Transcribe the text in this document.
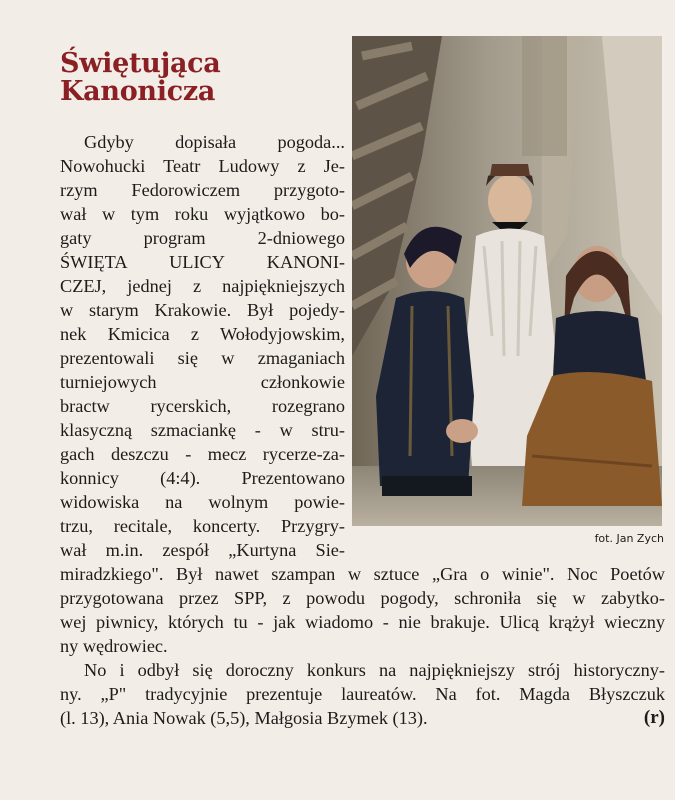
Świętująca
Kanonicza
fot. Jan Zych
Gdyby dopisała pogoda...
Nowohucki Teatr Ludowy z Je-
rzym Fedorowiczem przygoto-
wał w tym roku wyjątkowo bo-
gaty program 2-dniowego
ŚWIĘTA ULICY KANONI-
CZEJ, jednej z najpiękniejszych
w starym Krakowie. Był pojedy-
nek Kmicica z Wołodyjowskim,
prezentowali się w zmaganiach
turniejowych członkowie
bractw rycerskich, rozegrano
klasyczną szmaciankę - w stru-
gach deszczu - mecz rycerze-za-
konnicy (4:4). Prezentowano
widowiska na wolnym powie-
trzu, recitale, koncerty. Przygry-
wał m.in. zespół „Kurtyna Sie-
miradzkiego". Był nawet szampan w sztuce „Gra o winie". Noc Poetów
przygotowana przez SPP, z powodu pogody, schroniła się w zabytko-
wej piwnicy, których tu - jak wiadomo - nie brakuje. Ulicą krążył wieczny
ny wędrowiec.
No i odbył się doroczny konkurs na najpiękniejszy strój historyczny-
ny. „P" tradycyjnie prezentuje laureatów. Na fot. Magda Błyszczuk
(l. 13), Ania Nowak (5,5), Małgosia Bzymek (13).	(r)
